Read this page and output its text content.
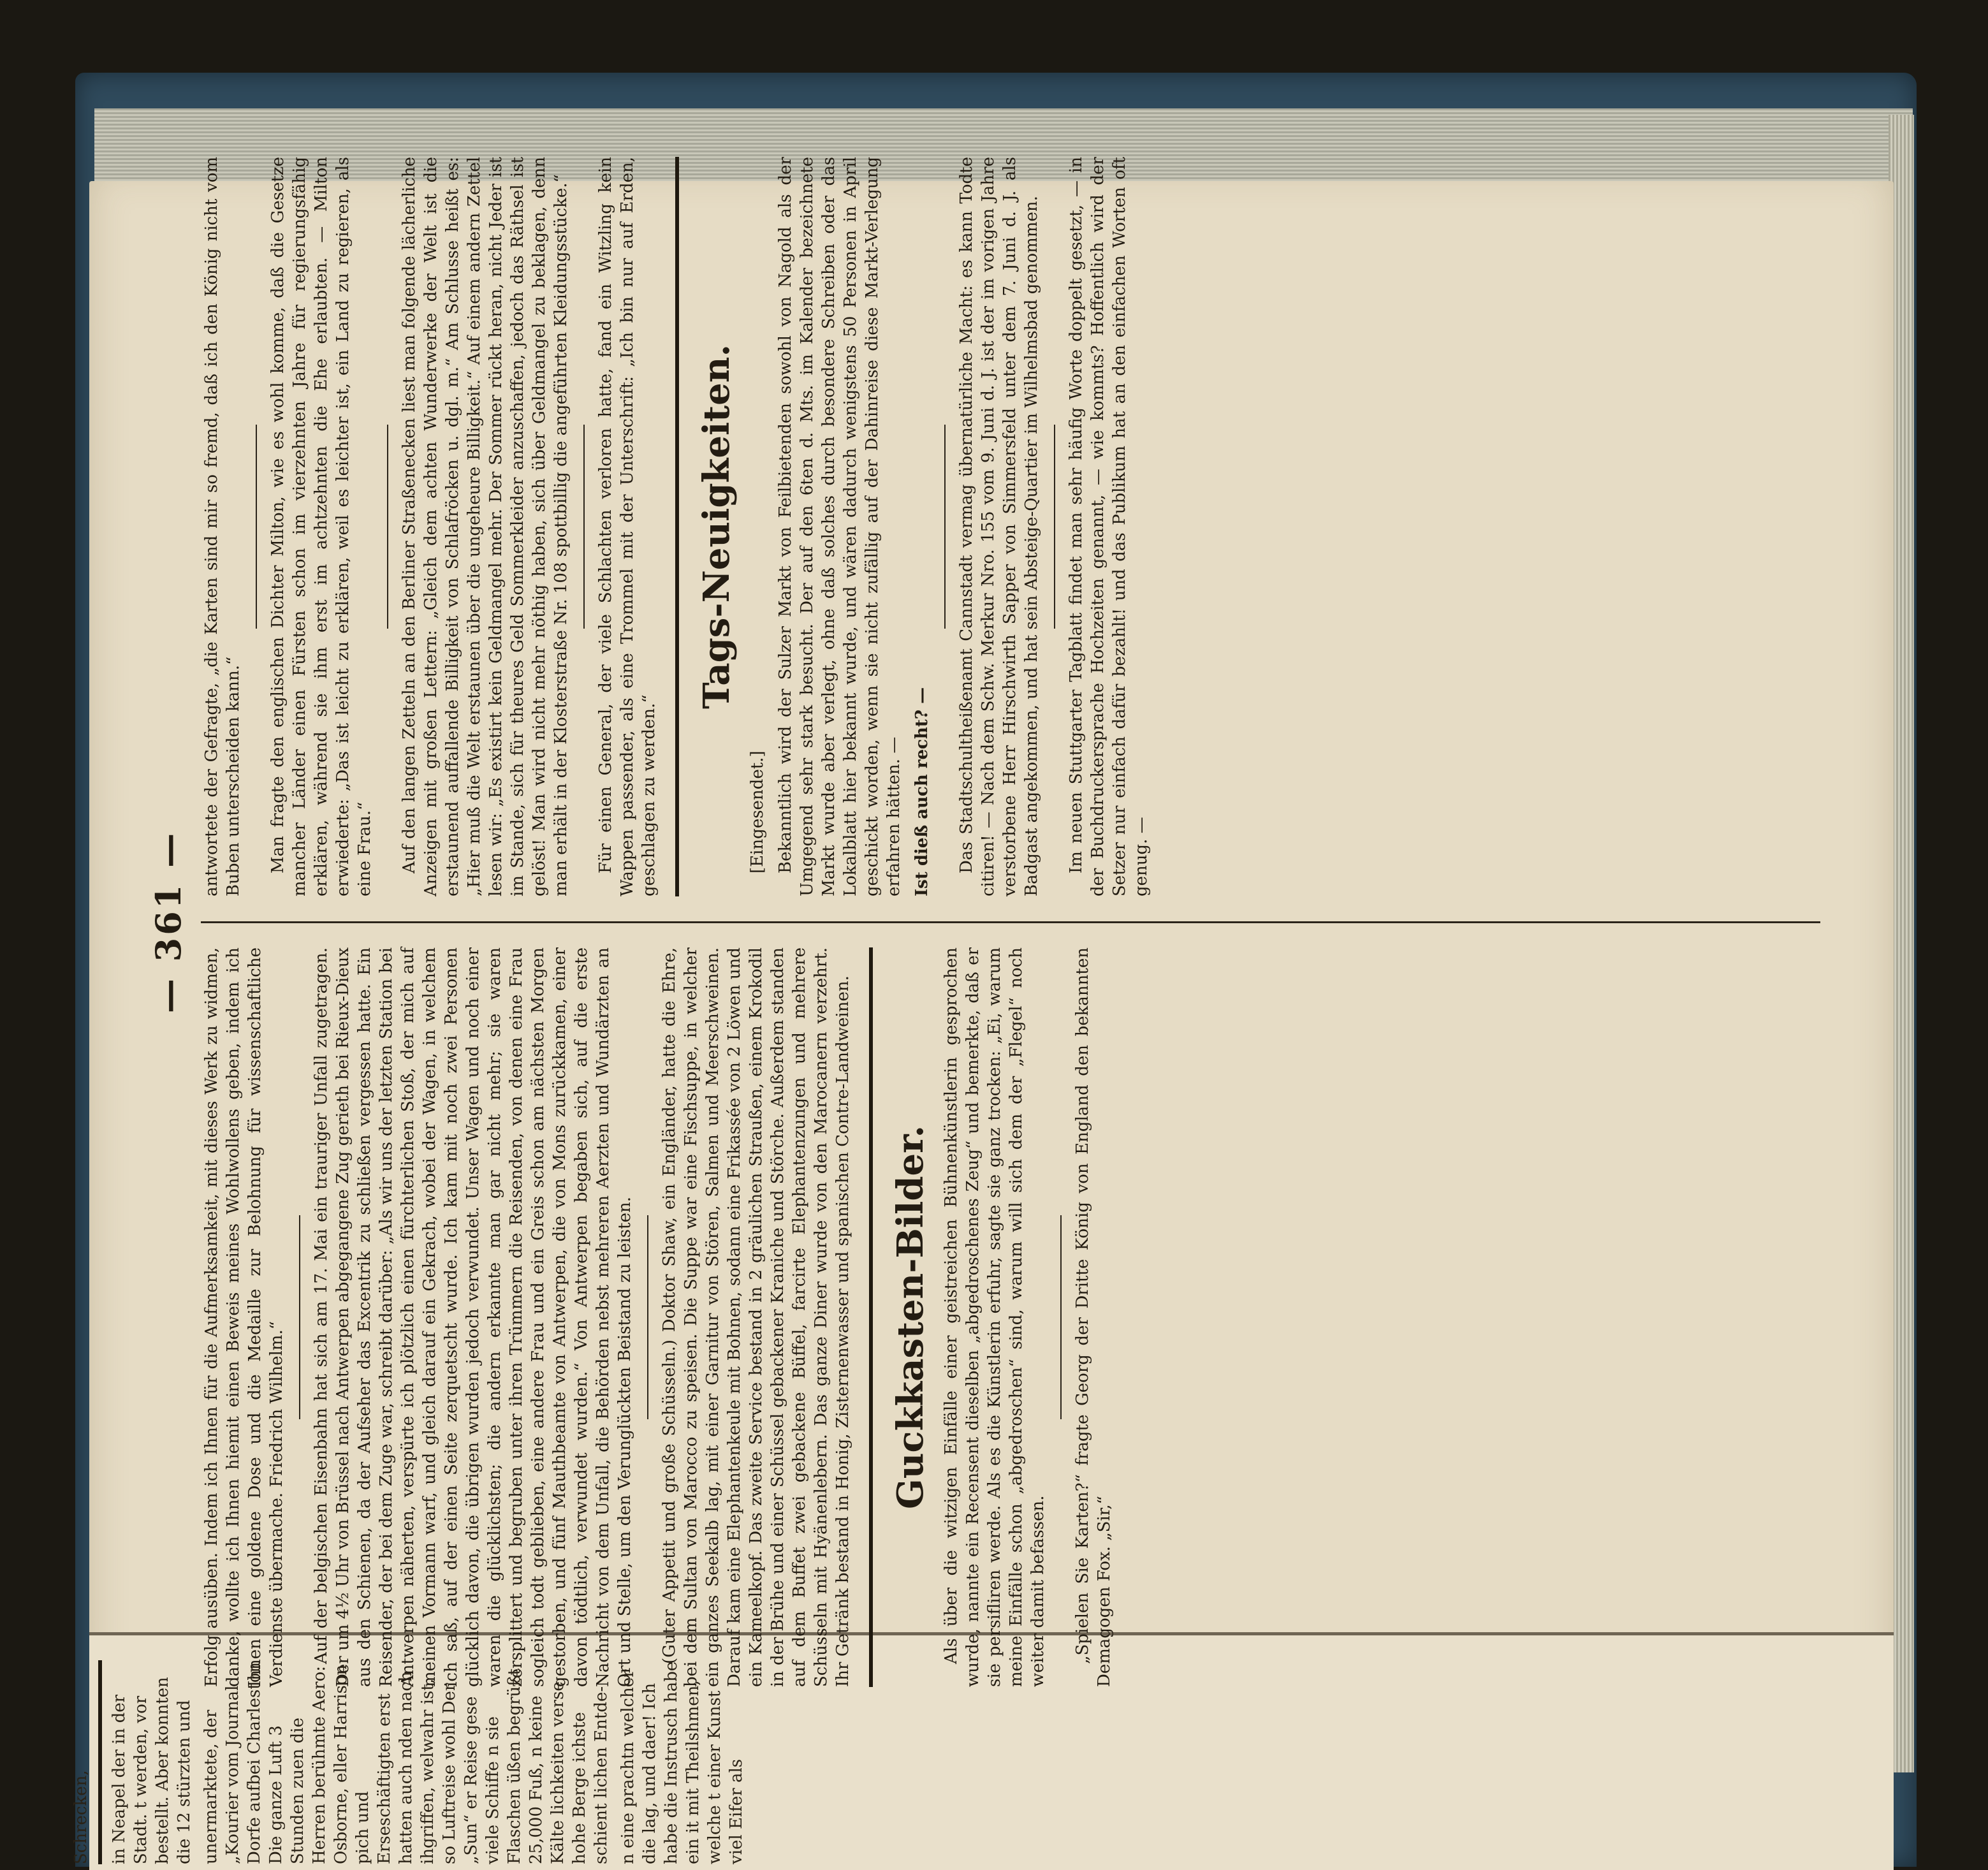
— 361 —

Erfolg ausüben. Indem ich Ihnen für die Aufmerksamkeit, mit dieses Werk zu widmen, danke, wollte ich Ihnen hiemit einen Beweis meines Wohlwollens geben, indem ich Ihnen eine goldene Dose und die Medaille zur Belohnung für wissenschaftliche Verdienste übermache. Friedrich Wilhelm.“ Auf der belgischen Eisenbahn hat sich am 17. Mai ein trauriger Unfall zugetragen. Der um 4½ Uhr von Brüssel nach Antwerpen abgegangene Zug gerieth bei Rieux-Dieux aus den Schienen, da der Aufseher das Excentrik zu schließen vergessen hatte. Ein Reisender, der bei dem Zuge war, schreibt darüber: „Als wir uns der letzten Station bei Antwerpen näherten, verspürte ich plötzlich einen fürchterlichen Stoß, der mich auf meinen Vormann warf, und gleich darauf ein Gekrach, wobei der Wagen, in welchem ich saß, auf der einen Seite zerquetscht wurde. Ich kam mit noch zwei Personen glücklich davon, die übrigen wurden jedoch verwundet. Unser Wagen und noch einer waren die glücklichsten; die andern erkannte man gar nicht mehr; sie waren zersplittert und begruben unter ihren Trümmern die Reisenden, von denen eine Frau sogleich todt geblieben, eine andere Frau und ein Greis schon am nächsten Morgen gestorben, und fünf Mauthbeamte von Antwerpen, die von Mons zurückkamen, einer davon tödtlich, verwundet wurden.“ Von Antwerpen begaben sich, auf die erste Nachricht von dem Unfall, die Behörden nebst mehreren Aerzten und Wundärzten an Ort und Stelle, um den Verunglückten Beistand zu leisten. (Guter Appetit und große Schüsseln.) Doktor Shaw, ein Engländer, hatte die Ehre, bei dem Sultan von Marocco zu speisen. Die Suppe war eine Fischsuppe, in welcher ein ganzes Seekalb lag, mit einer Garnitur von Stören, Salmen und Meerschweinen. Darauf kam eine Elephantenkeule mit Bohnen, sodann eine Frikassée von 2 Löwen und ein Kameelkopf. Das zweite Service bestand in 2 gräulichen Straußen, einem Krokodil in der Brühe und einer Schüssel gebackener Kraniche und Störche. Außerdem standen auf dem Buffet zwei gebackene Büffel, farcirte Elephantenzungen und mehrere Schüsseln mit Hyänenlebern. Das ganze Diner wurde von den Marocanern verzehrt. Ihr Getränk bestand in Honig, Zisternenwasser und spanischen Contre-Landweinen. Guckkasten-Bilder. Als über die witzigen Einfälle einer geistreichen Bühnenkünstlerin gesprochen wurde, nannte ein Recensent dieselben „abgedroschenes Zeug“ und bemerkte, daß er sie persifliren werde. Als es die Künstlerin erfuhr, sagte sie ganz trocken: „Ei, warum meine Einfälle schon „abgedroschen“ sind, warum will sich dem der „Flegel“ noch weiter damit befassen. „Spielen Sie Karten?“ fragte Georg der Dritte König von England den bekannten Demagogen Fox. „Sir,“

antwortete der Gefragte, „die Karten sind mir so fremd, daß ich den König nicht vom Buben unterscheiden kann.“ Man fragte den englischen Dichter Milton, wie es wohl komme, daß die Gesetze mancher Länder einen Fürsten schon im vierzehnten Jahre für regierungsfähig erklären, während sie ihm erst im achtzehnten die Ehe erlaubten. — Milton erwiederte: „Das ist leicht zu erklären, weil es leichter ist, ein Land zu regieren, als eine Frau.“ Auf den langen Zetteln an den Berliner Straßenecken liest man folgende lächerliche Anzeigen mit großen Lettern: „Gleich dem achten Wunderwerke der Welt ist die erstaunend auffallende Billigkeit von Schlafröcken u. dgl. m.“ Am Schlusse heißt es: „Hier muß die Welt erstaunen über die ungeheure Billigkeit.“ Auf einem andern Zettel lesen wir: „Es existirt kein Geldmangel mehr. Der Sommer rückt heran, nicht Jeder ist im Stande, sich für theures Geld Sommerkleider anzuschaffen, jedoch das Räthsel ist gelöst! Man wird nicht mehr nöthig haben, sich über Geldmangel zu beklagen, denn man erhält in der Klosterstraße Nr. 108 spottbillig die angeführten Kleidungsstücke.“ Für einen General, der viele Schlachten verloren hatte, fand ein Witzling kein Wappen passender, als eine Trommel mit der Unterschrift: „Ich bin nur auf Erden, geschlagen zu werden.“

Tags-Neuigkeiten.

[Eingesendet.] Bekanntlich wird der Sulzer Markt von Feilbietenden sowohl von Nagold als der Umgegend sehr stark besucht. Der auf den 6ten d. Mts. im Kalender bezeichnete Markt wurde aber verlegt, ohne daß solches durch besondere Schreiben oder das Lokalblatt hier bekannt wurde, und wären dadurch wenigstens 50 Personen in April geschickt worden, wenn sie nicht zufällig auf der Dahinreise diese Markt-Verlegung erfahren hätten. — Ist dieß auch recht? — Das Stadtschultheißenamt Cannstadt vermag übernatürliche Macht: es kann Todte citiren! — Nach dem Schw. Merkur Nro. 155 vom 9. Juni d. J. ist der im vorigen Jahre verstorbene Herr Hirschwirth Sapper von Simmersfeld unter dem 7. Juni d. J. als Badgast angekommen, und hat sein Absteige-Quartier im Wilhelmsbad genommen. Im neuen Stuttgarter Tagblatt findet man sehr häufig Worte doppelt gesetzt, — in der Buchdruckersprache Hochzeiten genannt, — wie kommts? Hoffentlich wird der Setzer nur einfach dafür bezahlt! und das Publikum hat an den einfachen Worten oft genug. —

Schrecken, in Neapel der in der Stadt. t werden, vor bestellt. Aber konnten die 12 stürzten und unermarktete, der „Kourier vom Journal Dorfe aufbei Charleston Die ganze Luft 3 Stunden zuen die Herren berühmte Aero: Osborne, eller Harrison pich und Erseschäftigten erst hatten auch nden nach ihgriffen, welwahr ist, so Luftreise wohl Der „Sun“ er Reise gese viele Schiffe n sie Flaschen üßen begrüßt 25,000 Fuß, n keine Kälte lichkeiten verse hohe Berge ichste schient lichen Entde- n eine prachtn welcher die lag, und daer! Ich habe die Instrusch habe ein it mit Theilshmen, welche t einer Kunst viel Eifer als
